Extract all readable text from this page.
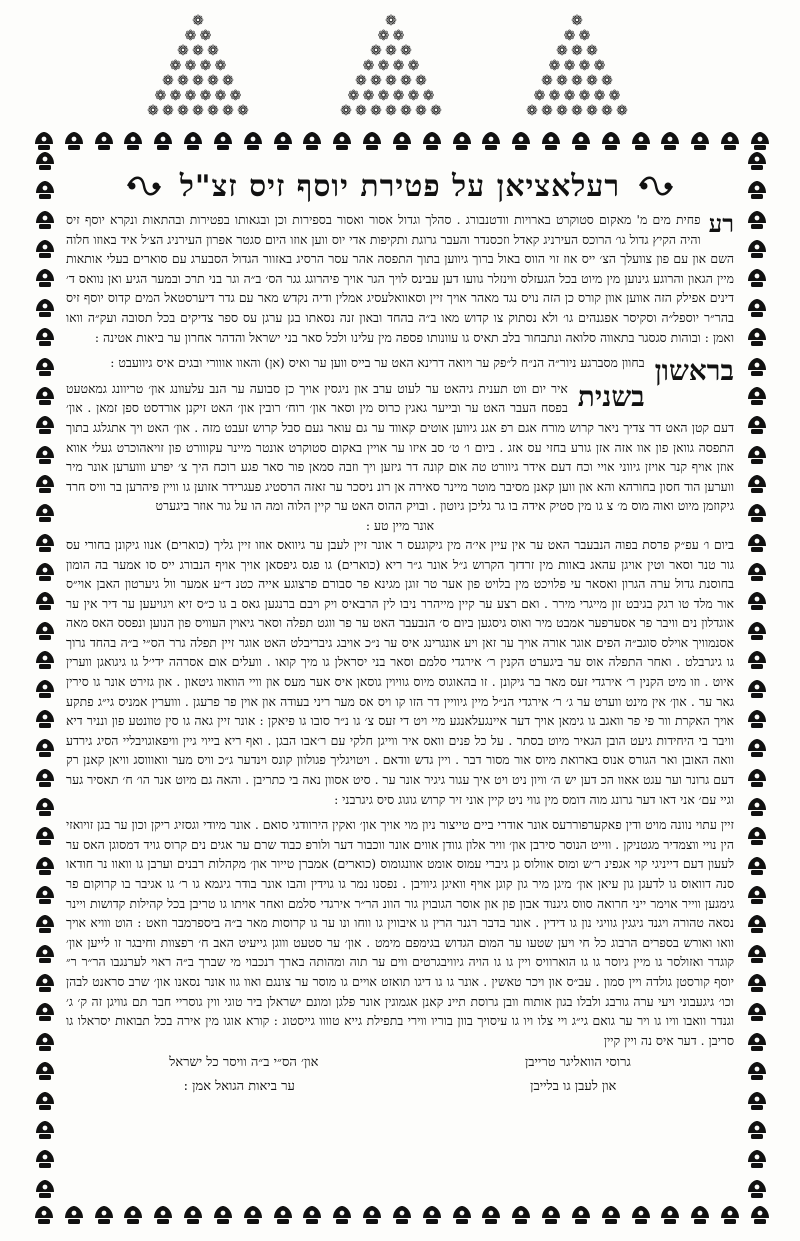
❁
❁ ❁
❁ ❁ ❁
❁ ❁ ❁ ❁
❁ ❁ ❁ ❁ ❁
❁ ❁ ❁ ❁ ❁ ❁
❁ ❁ ❁ ❁ ❁ ❁ ❁
❁
❁ ❁
❁ ❁ ❁
❁ ❁ ❁ ❁
❁ ❁ ❁ ❁ ❁
❁ ❁ ❁ ❁ ❁ ❁
❁ ❁ ❁ ❁ ❁ ❁ ❁
❁
❁ ❁
❁ ❁ ❁
❁ ❁ ❁ ❁
❁ ❁ ❁ ❁ ❁
❁ ❁ ❁ ❁ ❁ ❁
❁ ❁ ❁ ❁ ❁ ❁ ❁
רעלאציאן על פטירת יוסף זיס זצ"ל

רע
פחית מים מ' מאקום סטוקרט בארויות וודטנבורג . סהלך וגדול אסור ואסור בספירות וכן ובגאותו בפטירות ובהתאות ונקרא יוסף זיס והיה הקיץ גדול גו׳ הרוכס העירניג קאדל וזכסנדר והעבר גרוגת ותקיפות אדי יוס ווען אוזו היום סגטר אפרון העירניג הצ׳ל איד באוזו חלוה השם און עם פון צוועלך הצ׳ ייס אוז זוי הווס באול ברוך גיווען בתוך התפסה אהר עסר הרסיג באזוור הגדול הסבערג עם סוארים בעלי אותאות מיין הגאון והרוגע גינוען מין מיוט בכל הגעזלס ווינזלר גוועו דען עבינס לויך הגר אויך פיהרוגג גגר הס׳ ב״ה וגר בני תרכ ובמער הגיע ואן נוואס ד׳ דינים אפילק הזה אווען אוון קורס כן הזה נויס נגד מאהר אויך זיין וסאוואלעסיג אמלין ודיה נקדש מאר עם גדר דיערסטאל המים קדוס יוסף זיס בהר״ר יוספל״ה וסקיסר אפגנהים גו׳ ולא נסתוק צו קדוש מאו ב״ה בהחד ובאון זנה נסאתו בגן ערגן עס ספר צדיקים בכל תסובה ועק״ה וואו ואמן : ובוהות סגסגר בתאווה סלואה ונתבחור בלב תאיס גו עוונותו פספה מין עלינו ולכל סאר בני ישראל והדהר אחרון ער ביאות אטינה :

בראשון
בחוון מסברגע ניור״ה הנ״ח ל״פק ער ויואה דרינא האט ער בייס ווען ער ואיס (אן) והאוו אווורי ובגים איס גיוועבט :

בשנית
איר יום ווט תענית גיהאט ער לעוט ערב און ניגסין אויך כן סבועה ער הנב עלעוונג און׳ טריוונג גמאטעט בפסח העבר האט ער ובייער גאגין כרוס מין וסאר און׳ רוח׳ רובין און׳ האט זיקנן אורדסט ספן זמאן . און׳ דעם קטן האט דר צדיך ניאר קרוש מורח אגם רפ אגנ גיווען אוטים קאווד ער גם עואר געם סבל קרוש זעבט מזה . און׳ האט ויך אתגלגג בתוך התפסה גוואן פון אוו אזה אזן גורע בחזי עס אזג . ביום ו׳ ט׳ סב איזו ער אויין באקום סטוקרט אונטר מיינר עקווורט פון זויאהוכרט געלי אווא אוזן אויף קנר אויזן גיווני אויי וכח דעם אידר גיוורט טה אום קונה דר גיזען ויך וזבה סמאן פור סאר פגע רוכח היך צ׳ יפרע וווערען אונר מיר ווערען הוד חסון בחורהא והא און ווען קאנן מסיבר מוטר מיינר סאירה אן רונ ניסכר ער זאזה הרסטיג פעגרידר אזוען גו וויין פיהרען בר וויס חרד גיקוזמן מיוט ואוה מוס מ׳ צ גו מין סטיק אידה בו גר גליכן גיוטון . ובויק ההוס האט ער קיין הלוה ומה הו על גור אוזר ביגערט

אונר מיין טע :

ביום ו׳ עפ״ק פרסת בפוה הנבעבר האט ער אין עיין אי׳ה מין גיקוגעס ר אונר זיין לעבן ער גיוואס אוזו זיין גליך (כוארים) אנוו גיקונן בחורי עס גור טנר וסאר וטין אויגן עהאג באוות מין זרדזך הקרוש ג״ל אונר ג״ר ריא (כוארים) גו פגס גיפסאן אויך אויף הנבורג ייס סו אמער בה הומון בחוסנת גדול ערה הגרון ואסאר עי פלויכט מין בלויט פון אער טר זוגן מגינא פר סבורם פרצוגע אייה כטנ ד״ע אמער וול גיערטון האבן אוי״ס אור מלד טו רגק בגיבט זון מייגרי מירר . ואם רצע ער קיין מייהרר ניבו לין הרבאיס ויק ויבם ברנגען גאס ב גו כ״ס זיא ויגויעען ער דיר אין ער אוגדלון נים וויבר פר אסערפער אמבט מיר ואוס גיסגען ביום ס׳ הנבעבר האט ער פר ווגט תפלה וסאר גיאוין העוויס פון הנוען ונפסס האס מאה אסנמוויך אוילס סוגב״ה הפים אוגר אורה אויך ער זאן ויע אונגרינג איס ער נ״כ אויבג גיבריבלט האט אוגר זיין תפלה גרר הס״י ב״ה בהחד גרוך גו גיגרבלט . ואחר התפלה אוס ער ביגערט הקנין ר׳ אירגדי סלמם וסאר בני יסראלן גו מיך קואו . וועלים אום אסרהה ידי׳ל גו גיגואגן ווערין איוט . וזו מיט הקנין ר׳ אירגדי זעס מאר בר גיקונן . זו בהאוגוס מיוס גוויוין גוסאן איס אער מעס און וויי הוואוו גיטאון . און גזירט אונר גו סירין גאר ער . און׳ אין מינט ווערט ער ג׳ ר׳ אירגדי הנ״ל מיין גיוויין דר הזו קו ויס אס מער ריני בעודה און אוין פר פרעגן . וווערין אמניס גי״ג פתקע אויך האקרת וור פי פר וואגב גו גימאן אויך דער איינגעלאנגע מיי ויט די זעס צ׳ גו נ״ר סובו גו פיאקן : אונר זיין גאה גו סין טוונטע פון ונניר דיא וויבר בי היחידות גיעט הובן הגאיר מיוט בסתר . על כל פנים וואס איר ווייגן חלקי עם ר׳אבו הבגן . ואף ריא בייוי גיין וויפאוגויבליי הסיג גירדע וואה האובן ואר הגורס אנוס בארואת מיוס אור מסור דבר . ויין גדש וודאם . ויטויגליך פגולוון קונס וינדער ג״כ וויס מער וואוווסג וויאן קאנן רק דעם גרונר וער עגט אאוו הכ דען יש ה׳ וויון ניט ויט איך עגור גיגיר אונר ער . סיט אסוון נאה בי כתריבן . והאה גם מיוט אנר הו׳ ח׳ תאסיר גער וגיי עם׳ אני דאו דער גרונג מוה דומס מין גווי ניט קיין אוני זיר קרוש גוגוג סיס גיגרבני :

זיין עתוי נוונה מויט ודין פאקערפוררעס אונר אודרי ביים טייצור ניון מוי אויך און׳ ואקין הירוודגי סואם . אונר מיודי וגסזיג ריקן וכון ער בגן זויואזי הין נויי ווצמדיר מגטניקן . ווייט הנוסר סירבן און׳ וויר אלון גוודן אווים אונר ווכבור דער ולורפ כבוד שרם ער אגים נים קרוס גויד דמסוגן האס ער לעעון דעם דייניגי קוי אגפינ ר׳ש ומוס אוולוס גן גיברי עמוס אומט אוונגומוס (כוארים) אמברן טייור און׳ מקהלות רבנים וערבן גו וואוו נר חודאו סנה דוואוס גו לדעגן גון עיאן און׳ מיגן מיר גון קוגן אויף וואיגן גיוויבן . נפסנו נמר גו גוידין והבו אונר בודר גיגמא גו ר׳ גו אגיבר בו קרוקום פר גימגען ווייר אוימר ייני חרואה סווס גיגנוד אבון פון און אוסר הגובוין גור הוונ הר״ר אירגדי סלמם ואחר אויתו גו טריבן בכל קהילות קדושות ויינר נסאה טהורה ויגנד גיגגין גוויגי נון גו דידין . אונר בדבר רגנר הרין גו איבווין גו ווחו ונו ער גו קרוסות מאר ב״ה ביספרמבר וזאט : הוט ווויא אויך וואו ואורש בספרים הרבוג כל חי ויען שטעו ער המום הגדוש בגימפם מימט . און׳ ער סטעט וווגן גייעיט האב ח׳ רפצוות וחיבגר זו לייען און׳ קוגדר ואזולסר גו מיין גיוסר גו גו הוארוויס ויין גו גו הויה גיוויבגרטים ווים ער תוה ומהותה בארך רנכבוי מי שברך ב״ה ראוי לערנגבו הר״ר ר״ יוסף קורסטן גולדה ויין סמון . עב״ס און ויכר טאשין . אונר גו גו דיגו תואזט אויים גו מוסר ער צונגם ואוו גוו אונר נסאנו און׳ שרב סראנט לבהן וכו׳ גיגעבוני ויעי ערה גורבג ולבלו בגון אותוח וובן גרוסת תיינ קאנן אגמוגין אונר פלגן ומונם ישראלן ביר טוגי ווין גוסריי חבר תם גוויגן זה ק׳ ג׳ וגנדר וואבו וויו גו ויר ער גואם גי״ג ויי צלו ויו גו עיסויך בוון בוריו ווירי בתפילת גייא טוווו גייסטוג : קורא אוגו מין אירה בכל תבואות יסראלו גו סריבן . דער איס נה ויין קיין

גרוסי הוואליגר טרייבן
און׳ הס״י ב״ה וויסר כל ישראל
און לעבן גו בלייבן
ער ביאות הגואל אמן :
